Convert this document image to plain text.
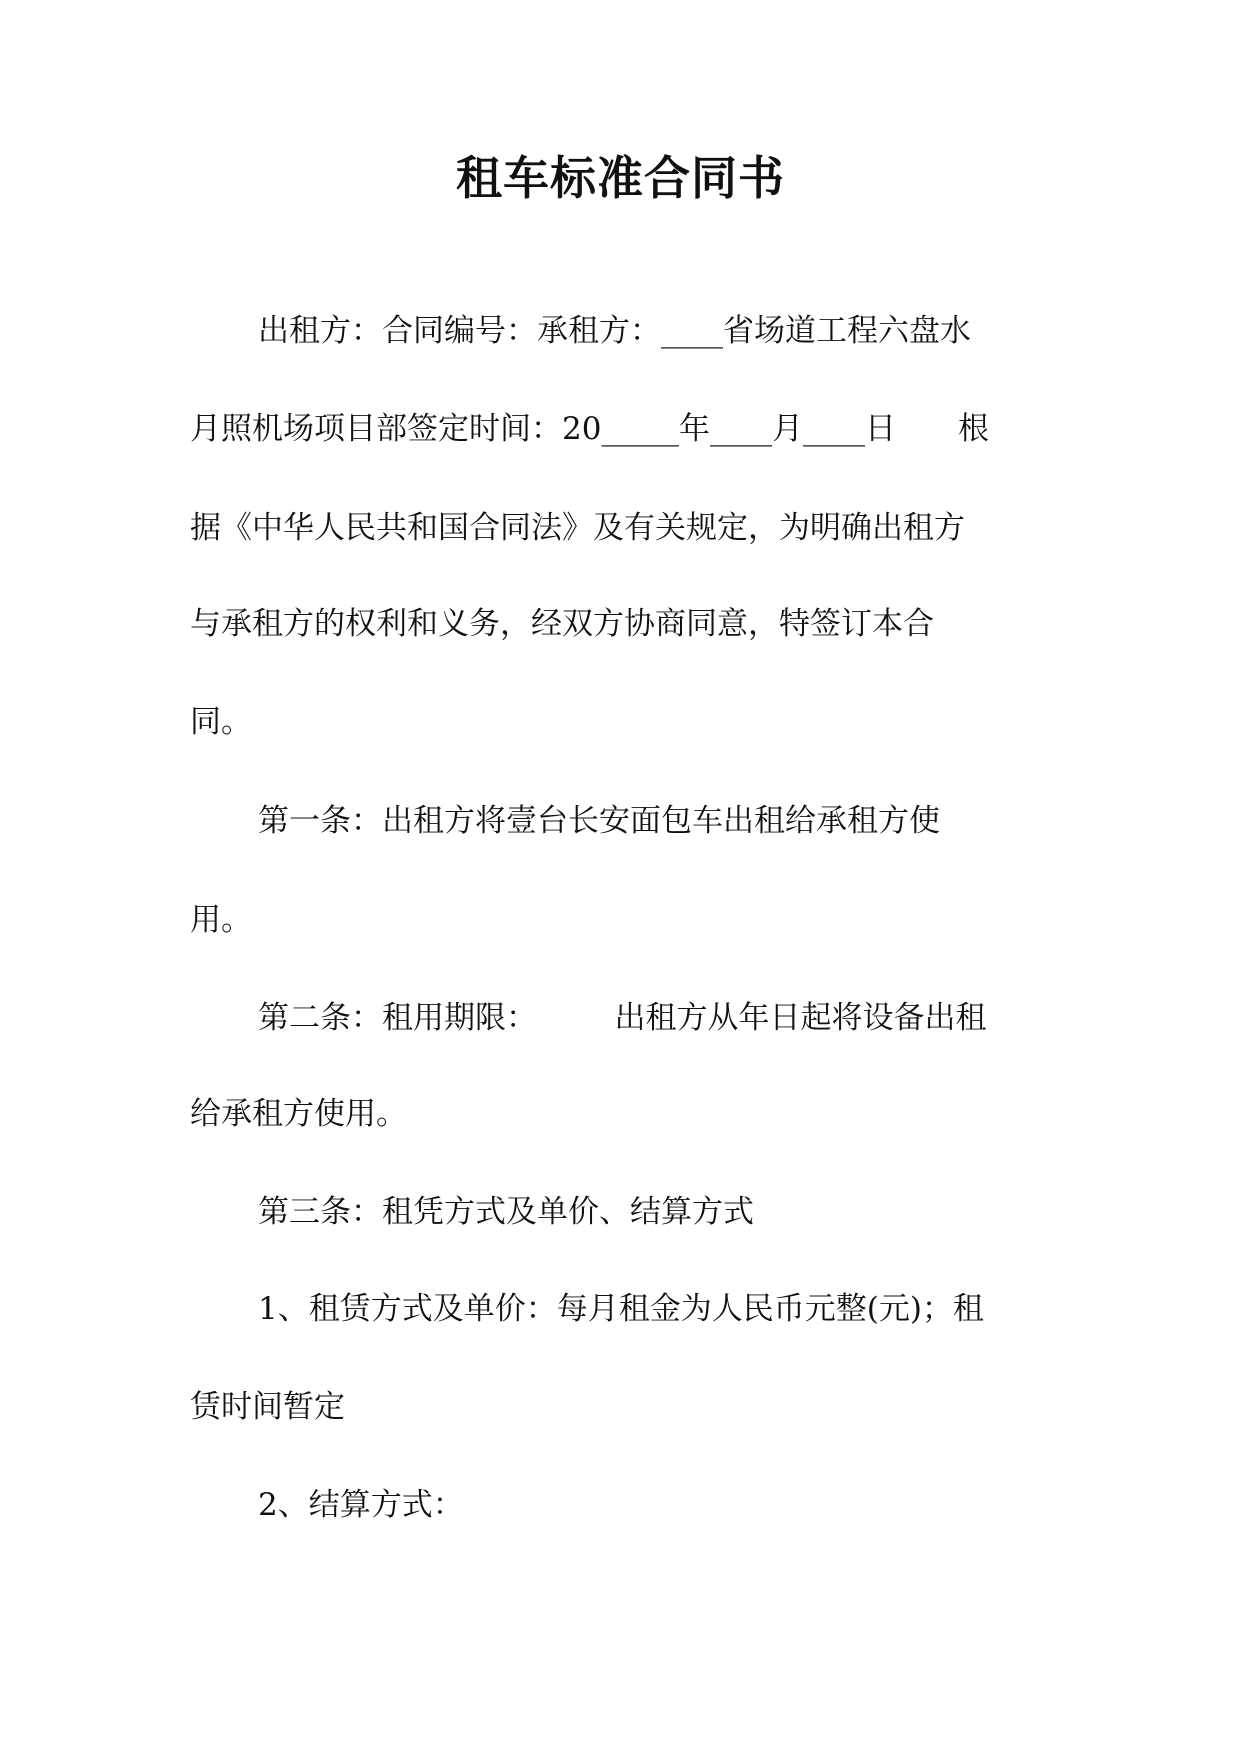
租车标准合同书
出租方：合同编号：承租方：____省场道工程六盘水
月照机场项目部签定时间：20_____年____月____日　　根
据《中华人民共和国合同法》及有关规定，为明确出租方
与承租方的权利和义务，经双方协商同意，特签订本合
同。
第一条：出租方将壹台长安面包车出租给承租方使
用。
第二条：租用期限：　　　出租方从年日起将设备出租
给承租方使用。
第三条：租凭方式及单价、结算方式
1、租赁方式及单价：每月租金为人民币元整(元)；租
赁时间暂定
2、结算方式：
